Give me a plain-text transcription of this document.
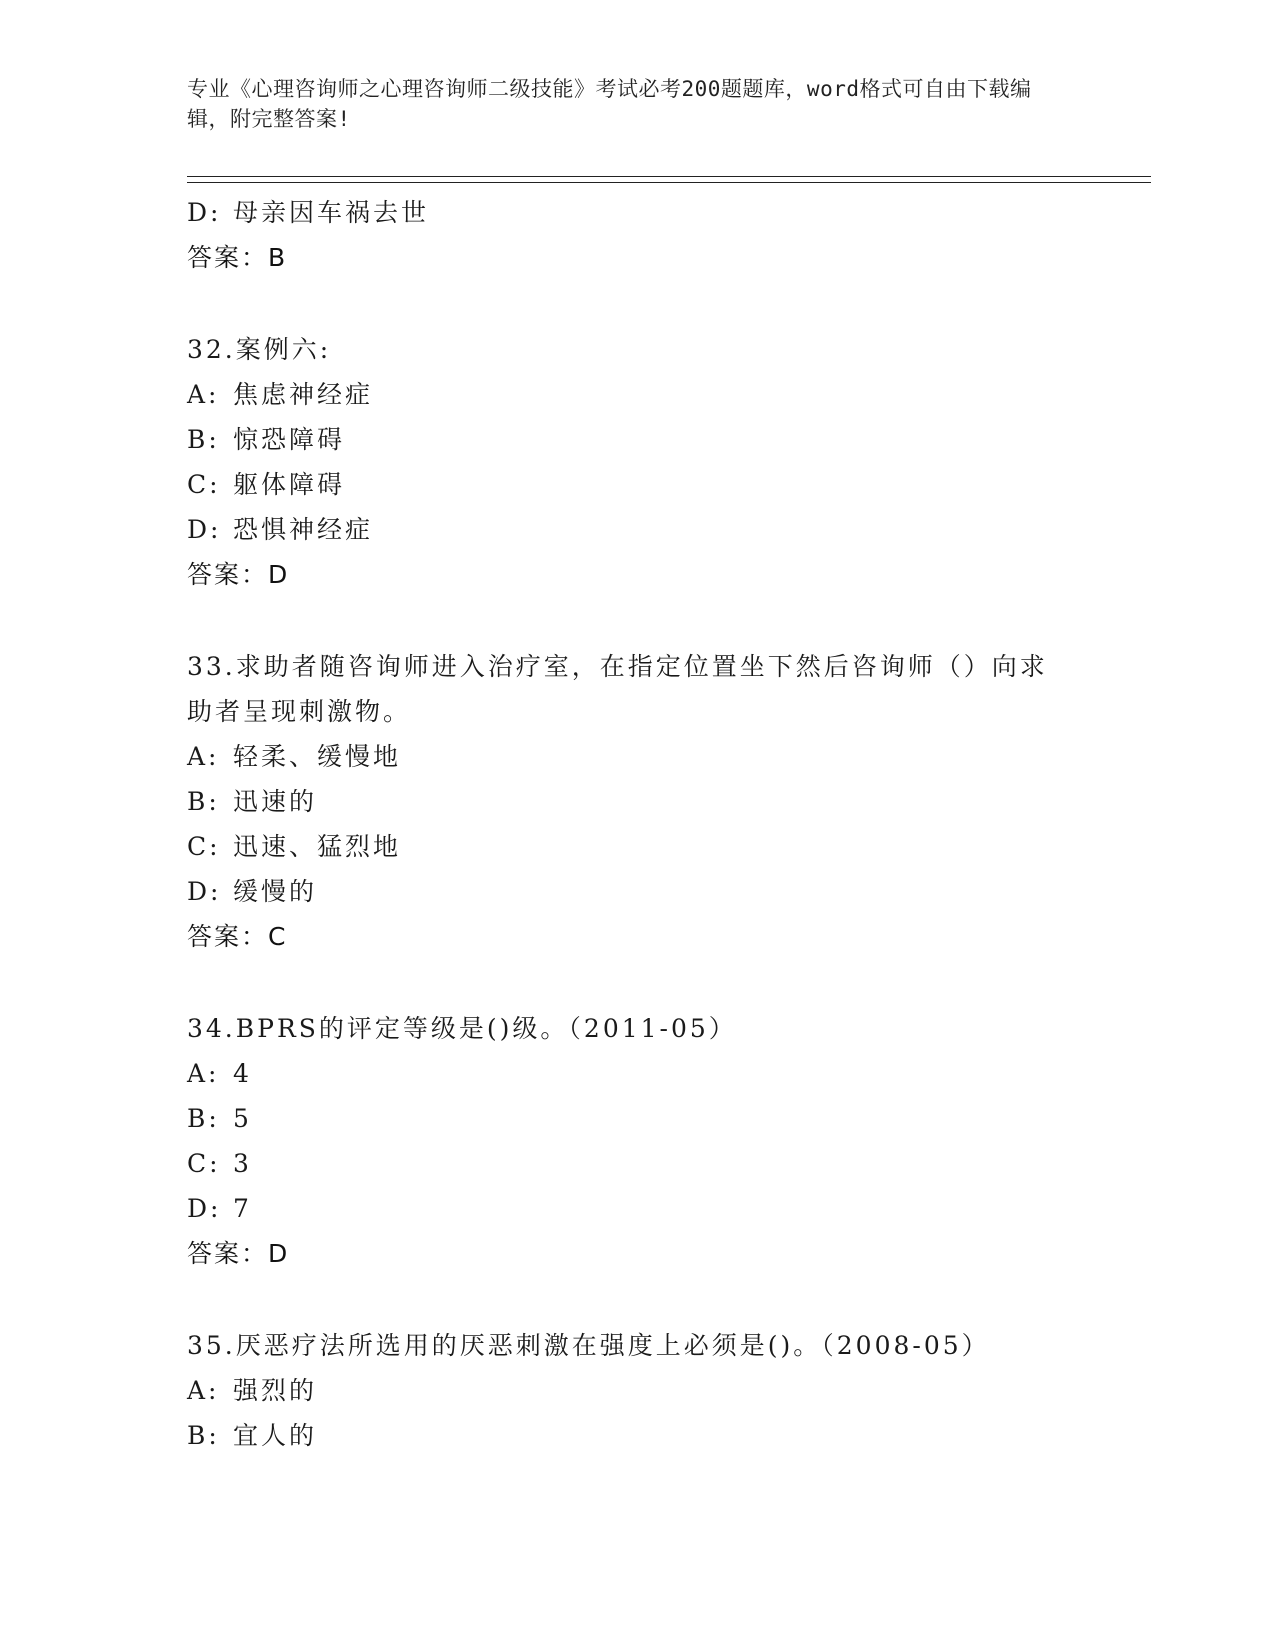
专业《心理咨询师之心理咨询师二级技能》考试必考200题题库，word格式可自由下载编辑，附完整答案!
D: 母亲因车祸去世
答案：B
32.案例六:
A: 焦虑神经症
B: 惊恐障碍
C: 躯体障碍
D: 恐惧神经症
答案：D
33.求助者随咨询师进入治疗室，在指定位置坐下然后咨询师（）向求助者呈现刺激物。
A: 轻柔、缓慢地
B: 迅速的
C: 迅速、猛烈地
D: 缓慢的
答案：C
34.BPRS的评定等级是()级。（2011-05）
A: 4
B: 5
C: 3
D: 7
答案：D
35.厌恶疗法所选用的厌恶刺激在强度上必须是()。（2008-05）
A: 强烈的
B: 宜人的
